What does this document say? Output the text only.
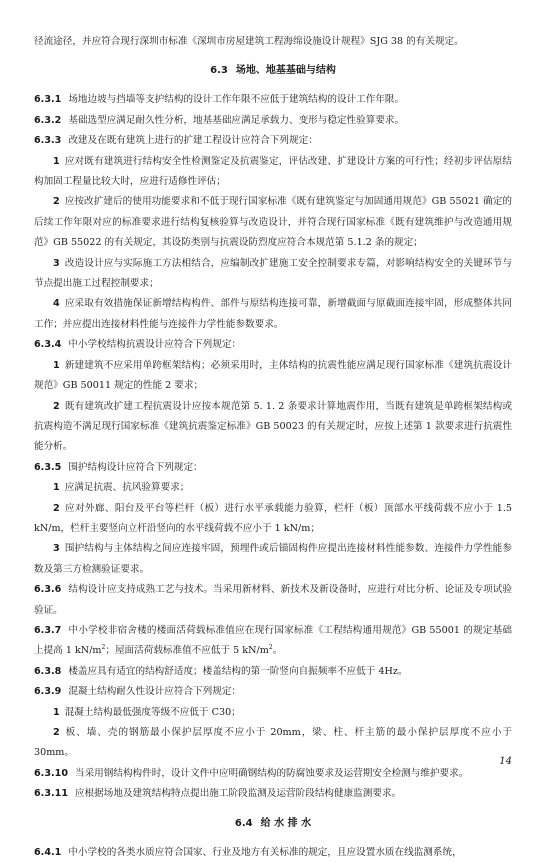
径流途径，并应符合现行深圳市标准《深圳市房屋建筑工程海绵设施设计规程》SJG 38 的有关规定。

6.3 场地、地基基础与结构

6.3.1 场地边坡与挡墙等支护结构的设计工作年限不应低于建筑结构的设计工作年限。

6.3.2 基础选型应满足耐久性分析，地基基础应满足承载力、变形与稳定性验算要求。

6.3.3 改建及在既有建筑上进行的扩建工程设计应符合下列规定：

1 应对既有建筑进行结构安全性检测鉴定及抗震鉴定，评估改建、扩建设计方案的可行性；经初步评估原结构加固工程量比较大时，应进行适修性评估；

2 应按改扩建后的使用功能要求和不低于现行国家标准《既有建筑鉴定与加固通用规范》GB 55021 确定的后续工作年限对应的标准要求进行结构复核验算与改造设计，并符合现行国家标准《既有建筑维护与改造通用规范》GB 55022 的有关规定，其设防类别与抗震设防烈度应符合本规范第 5.1.2 条的规定；

3 改造设计应与实际施工方法相结合，应编制改扩建施工安全控制要求专篇，对影响结构安全的关键环节与节点提出施工过程控制要求；

4 应采取有效措施保证新增结构构件、部件与原结构连接可靠，新增截面与原截面连接牢固，形成整体共同工作；并应提出连接材料性能与连接件力学性能参数要求。

6.3.4 中小学校结构抗震设计应符合下列规定：

1 新建建筑不应采用单跨框架结构；必须采用时，主体结构的抗震性能应满足现行国家标准《建筑抗震设计规范》GB 50011 规定的性能 2 要求；

2 既有建筑改扩建工程抗震设计应按本规范第 5. 1. 2 条要求计算地震作用，当既有建筑是单跨框架结构或抗震构造不满足现行国家标准《建筑抗震鉴定标准》GB 50023 的有关规定时，应按上述第 1 款要求进行抗震性能分析。

6.3.5 围护结构设计应符合下列规定：

1 应满足抗震、抗风验算要求；

2 应对外廊、阳台及平台等栏杆（板）进行水平承载能力验算，栏杆（板）顶部水平线荷载不应小于 1.5 kN/m，栏杆主要竖向立杆沿竖向的水平线荷载不应小于 1 kN/m；

3 围护结构与主体结构之间应连接牢固，预埋件或后锚固构件应提出连接材料性能参数、连接件力学性能参数及第三方检测验证要求。

6.3.6 结构设计应支持成熟工艺与技术。当采用新材料、新技术及新设备时，应进行对比分析、论证及专项试验验证。

6.3.7 中小学校非宿舍楼的楼面活荷载标准值应在现行国家标准《工程结构通用规范》GB 55001 的规定基础上提高 1 $kN/m^2$；屋面活荷载标准值不应低于 5 $kN/m^2$。

6.3.8 楼盖应具有适宜的结构舒适度；楼盖结构的第一阶竖向自振频率不应低于 4Hz。

6.3.9 混凝土结构耐久性设计应符合下列规定：

1 混凝土结构最低强度等级不应低于 C30；

2 板、墙、壳的钢筋最小保护层厚度不应小于 20mm，梁、柱、杆主筋的最小保护层厚度不应小于 30mm。

6.3.10 当采用钢结构构件时，设计文件中应明确钢结构的防腐蚀要求及运营期安全检测与维护要求。

6.3.11 应根据场地及建筑结构特点提出施工阶段监测及运营阶段结构健康监测要求。

6.4 给 水 排 水

6.4.1 中小学校的各类水质应符合国家、行业及地方有关标准的规定，且应设置水质在线监测系统，

14
